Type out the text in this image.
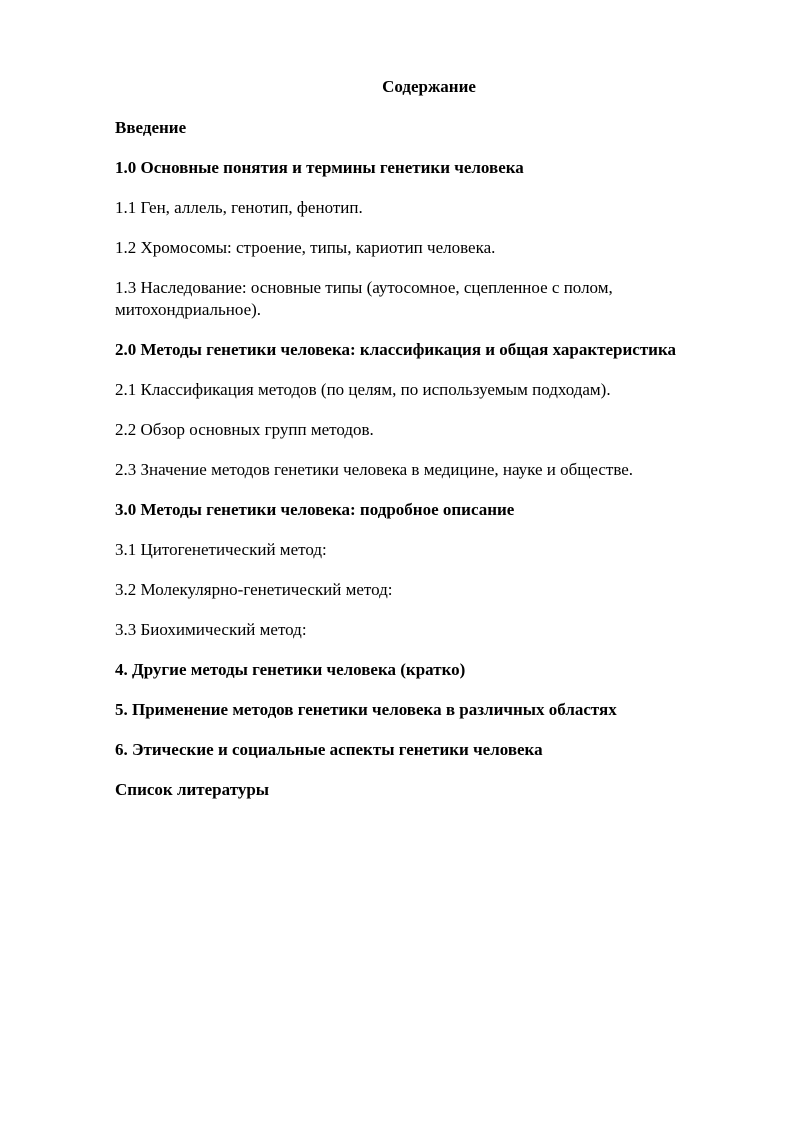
Содержание
Введение
1.0 Основные понятия и термины генетики человека
1.1 Ген, аллель, генотип, фенотип.
1.2 Хромосомы: строение, типы, кариотип человека.
1.3 Наследование: основные типы (аутосомное, сцепленное с полом, митохондриальное).
2.0 Методы генетики человека: классификация и общая характеристика
2.1 Классификация методов (по целям, по используемым подходам).
2.2 Обзор основных групп методов.
2.3 Значение методов генетики человека в медицине, науке и обществе.
3.0 Методы генетики человека: подробное описание
3.1 Цитогенетический метод:
3.2 Молекулярно-генетический метод:
3.3 Биохимический метод:
4. Другие методы генетики человека (кратко)
5. Применение методов генетики человека в различных областях
6. Этические и социальные аспекты генетики человека
Список литературы
